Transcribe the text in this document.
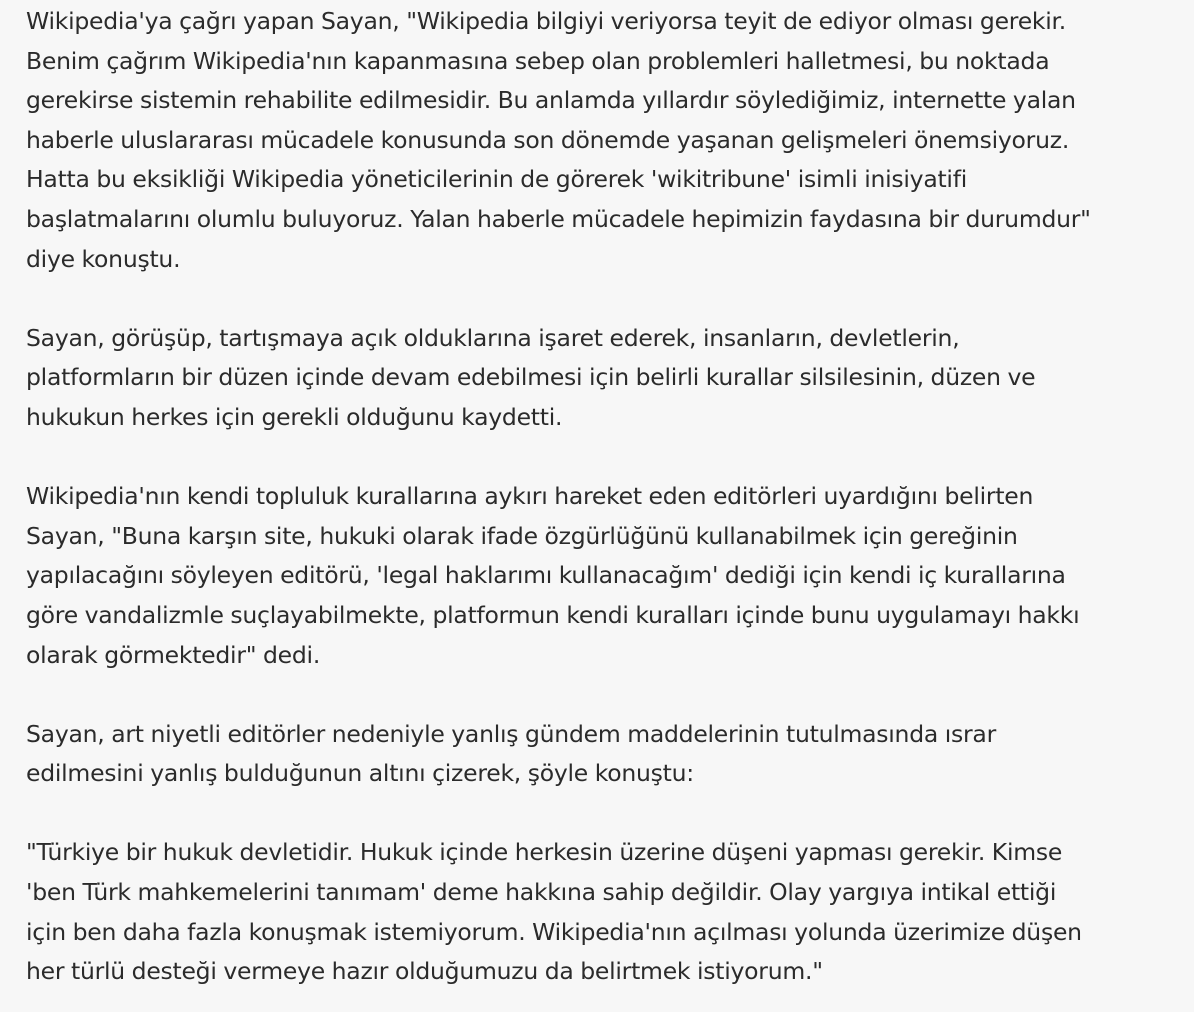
Wikipedia'ya çağrı yapan Sayan, "Wikipedia bilgiyi veriyorsa teyit de ediyor olması gerekir.
Benim çağrım Wikipedia'nın kapanmasına sebep olan problemleri halletmesi, bu noktada
gerekirse sistemin rehabilite edilmesidir. Bu anlamda yıllardır söylediğimiz, internette yalan
haberle uluslararası mücadele konusunda son dönemde yaşanan gelişmeleri önemsiyoruz.
Hatta bu eksikliği Wikipedia yöneticilerinin de görerek 'wikitribune' isimli inisiyatifi
başlatmalarını olumlu buluyoruz. Yalan haberle mücadele hepimizin faydasına bir durumdur"
diye konuştu.
Sayan, görüşüp, tartışmaya açık olduklarına işaret ederek, insanların, devletlerin,
platformların bir düzen içinde devam edebilmesi için belirli kurallar silsilesinin, düzen ve
hukukun herkes için gerekli olduğunu kaydetti.
Wikipedia'nın kendi topluluk kurallarına aykırı hareket eden editörleri uyardığını belirten
Sayan, "Buna karşın site, hukuki olarak ifade özgürlüğünü kullanabilmek için gereğinin
yapılacağını söyleyen editörü, 'legal haklarımı kullanacağım' dediği için kendi iç kurallarına
göre vandalizmle suçlayabilmekte, platformun kendi kuralları içinde bunu uygulamayı hakkı
olarak görmektedir" dedi.
Sayan, art niyetli editörler nedeniyle yanlış gündem maddelerinin tutulmasında ısrar
edilmesini yanlış bulduğunun altını çizerek, şöyle konuştu:
"Türkiye bir hukuk devletidir. Hukuk içinde herkesin üzerine düşeni yapması gerekir. Kimse
'ben Türk mahkemelerini tanımam' deme hakkına sahip değildir. Olay yargıya intikal ettiği
için ben daha fazla konuşmak istemiyorum. Wikipedia'nın açılması yolunda üzerimize düşen
her türlü desteği vermeye hazır olduğumuzu da belirtmek istiyorum."
